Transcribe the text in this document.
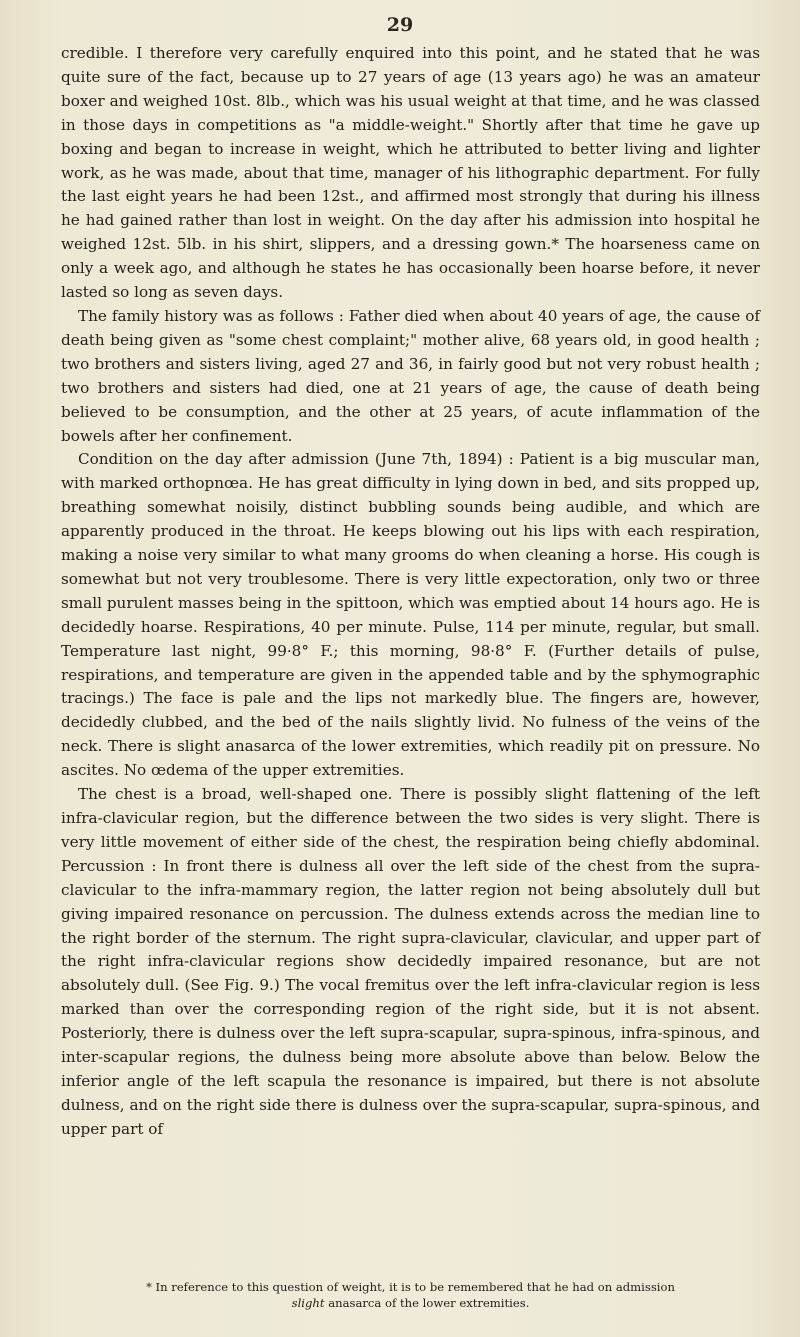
29

credible. I therefore very carefully enquired into this point, and he stated that he was quite sure of the fact, because up to 27 years of age (13 years ago) he was an amateur boxer and weighed 10st. 8lb., which was his usual weight at that time, and he was classed in those days in competitions as "a middle-weight." Shortly after that time he gave up boxing and began to increase in weight, which he attributed to better living and lighter work, as he was made, about that time, manager of his lithographic department. For fully the last eight years he had been 12st., and affirmed most strongly that during his illness he had gained rather than lost in weight. On the day after his admission into hospital he weighed 12st. 5lb. in his shirt, slippers, and a dressing gown.* The hoarseness came on only a week ago, and although he states he has occasionally been hoarse before, it never lasted so long as seven days.

The family history was as follows : Father died when about 40 years of age, the cause of death being given as "some chest complaint;" mother alive, 68 years old, in good health ; two brothers and sisters living, aged 27 and 36, in fairly good but not very robust health ; two brothers and sisters had died, one at 21 years of age, the cause of death being believed to be consumption, and the other at 25 years, of acute inflammation of the bowels after her confinement.

Condition on the day after admission (June 7th, 1894) : Patient is a big muscular man, with marked orthopnœa. He has great difficulty in lying down in bed, and sits propped up, breathing somewhat noisily, distinct bubbling sounds being audible, and which are apparently produced in the throat. He keeps blowing out his lips with each respiration, making a noise very similar to what many grooms do when cleaning a horse. His cough is somewhat but not very troublesome. There is very little expectoration, only two or three small purulent masses being in the spittoon, which was emptied about 14 hours ago. He is decidedly hoarse. Respirations, 40 per minute. Pulse, 114 per minute, regular, but small. Temperature last night, 99·8° F.; this morning, 98·8° F. (Further details of pulse, respirations, and temperature are given in the appended table and by the sphymographic tracings.) The face is pale and the lips not markedly blue. The fingers are, however, decidedly clubbed, and the bed of the nails slightly livid. No fulness of the veins of the neck. There is slight anasarca of the lower extremities, which readily pit on pressure. No ascites. No œdema of the upper extremities.

The chest is a broad, well-shaped one. There is possibly slight flattening of the left infra-clavicular region, but the difference between the two sides is very slight. There is very little movement of either side of the chest, the respiration being chiefly abdominal. Percussion : In front there is dulness all over the left side of the chest from the supra-clavicular to the infra-mammary region, the latter region not being absolutely dull but giving impaired resonance on percussion. The dulness extends across the median line to the right border of the sternum. The right supra-clavicular, clavicular, and upper part of the right infra-clavicular regions show decidedly impaired resonance, but are not absolutely dull. (See Fig. 9.) The vocal fremitus over the left infra-clavicular region is less marked than over the corresponding region of the right side, but it is not absent. Posteriorly, there is dulness over the left supra-scapular, supra-spinous, infra-spinous, and inter-scapular regions, the dulness being more absolute above than below. Below the inferior angle of the left scapula the resonance is impaired, but there is not absolute dulness, and on the right side there is dulness over the supra-scapular, supra-spinous, and upper part of

* In reference to this question of weight, it is to be remembered that he had on admission

slight anasarca of the lower extremities.
